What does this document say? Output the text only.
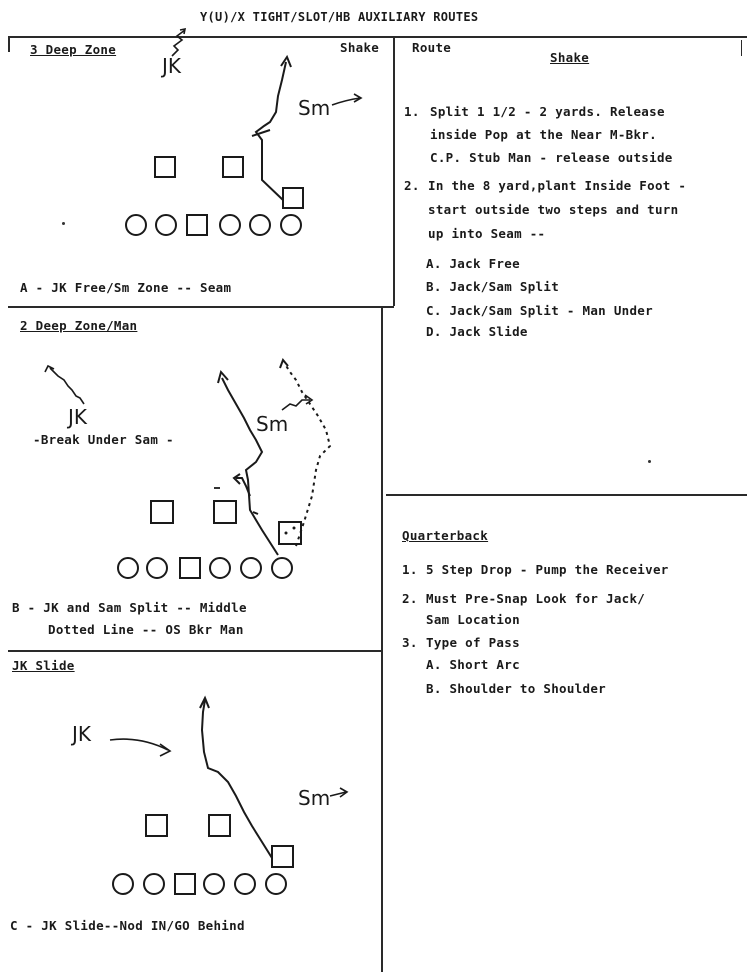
Y(U)/X TIGHT/SLOT/HB AUXILIARY ROUTES
3 Deep Zone	Shake	Route
JK
Sm
A - JK Free/Sm Zone -- Seam
2 Deep Zone/Man
JK	Sm
-Break Under Sam -
B - JK and Sam Split -- Middle
Dotted Line -- OS Bkr Man
JK Slide
JK
Sm
C - JK Slide--Nod IN/GO Behind
Shake
1. Split 1 1/2 - 2 yards. Release
inside Pop at the Near M-Bkr.
C.P. Stub Man - release outside
2. In the 8 yard,plant Inside Foot -
start outside two steps and turn
up into Seam --
A. Jack Free
B. Jack/Sam Split
C. Jack/Sam Split - Man Under
D. Jack Slide
Quarterback
1. 5 Step Drop - Pump the Receiver
2. Must Pre-Snap Look for Jack/
Sam Location
3. Type of Pass
A. Short Arc
B. Shoulder to Shoulder
